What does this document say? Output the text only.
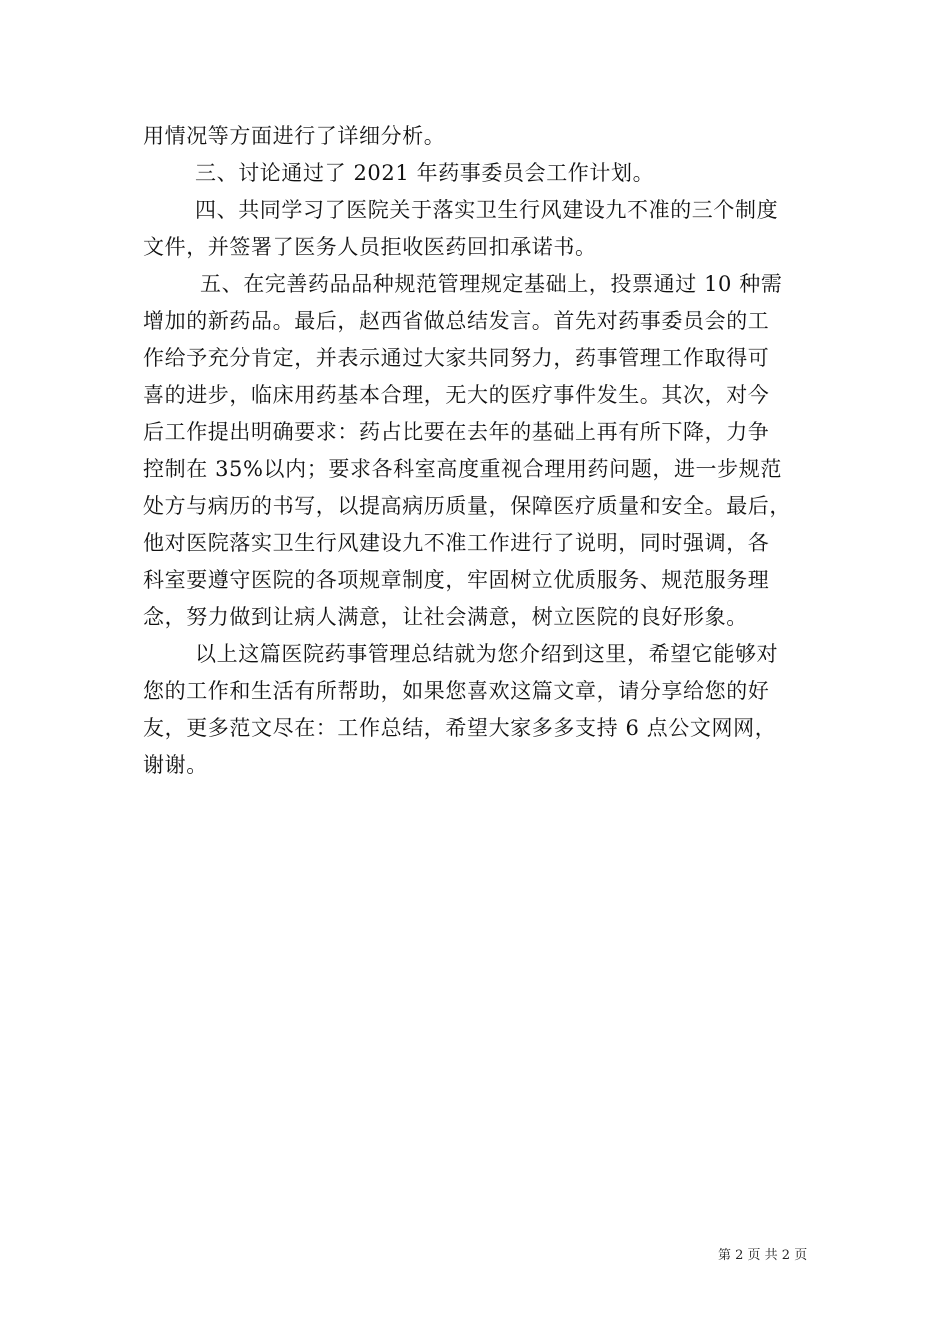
用情况等方面进行了详细分析。
三、讨论通过了 2021 年药事委员会工作计划。
四、共同学习了医院关于落实卫生行风建设九不准的三个制度
文件，并签署了医务人员拒收医药回扣承诺书。
五、在完善药品品种规范管理规定基础上，投票通过 10 种需
增加的新药品。最后，赵西省做总结发言。首先对药事委员会的工
作给予充分肯定，并表示通过大家共同努力，药事管理工作取得可
喜的进步，临床用药基本合理，无大的医疗事件发生。其次，对今
后工作提出明确要求：药占比要在去年的基础上再有所下降，力争
控制在 35%以内；要求各科室高度重视合理用药问题，进一步规范
处方与病历的书写，以提高病历质量，保障医疗质量和安全。最后，
他对医院落实卫生行风建设九不准工作进行了说明，同时强调，各
科室要遵守医院的各项规章制度，牢固树立优质服务、规范服务理
念，努力做到让病人满意，让社会满意，树立医院的良好形象。
以上这篇医院药事管理总结就为您介绍到这里，希望它能够对
您的工作和生活有所帮助，如果您喜欢这篇文章，请分享给您的好
友，更多范文尽在：工作总结，希望大家多多支持 6 点公文网网，
谢谢。
第 2 页 共 2 页
